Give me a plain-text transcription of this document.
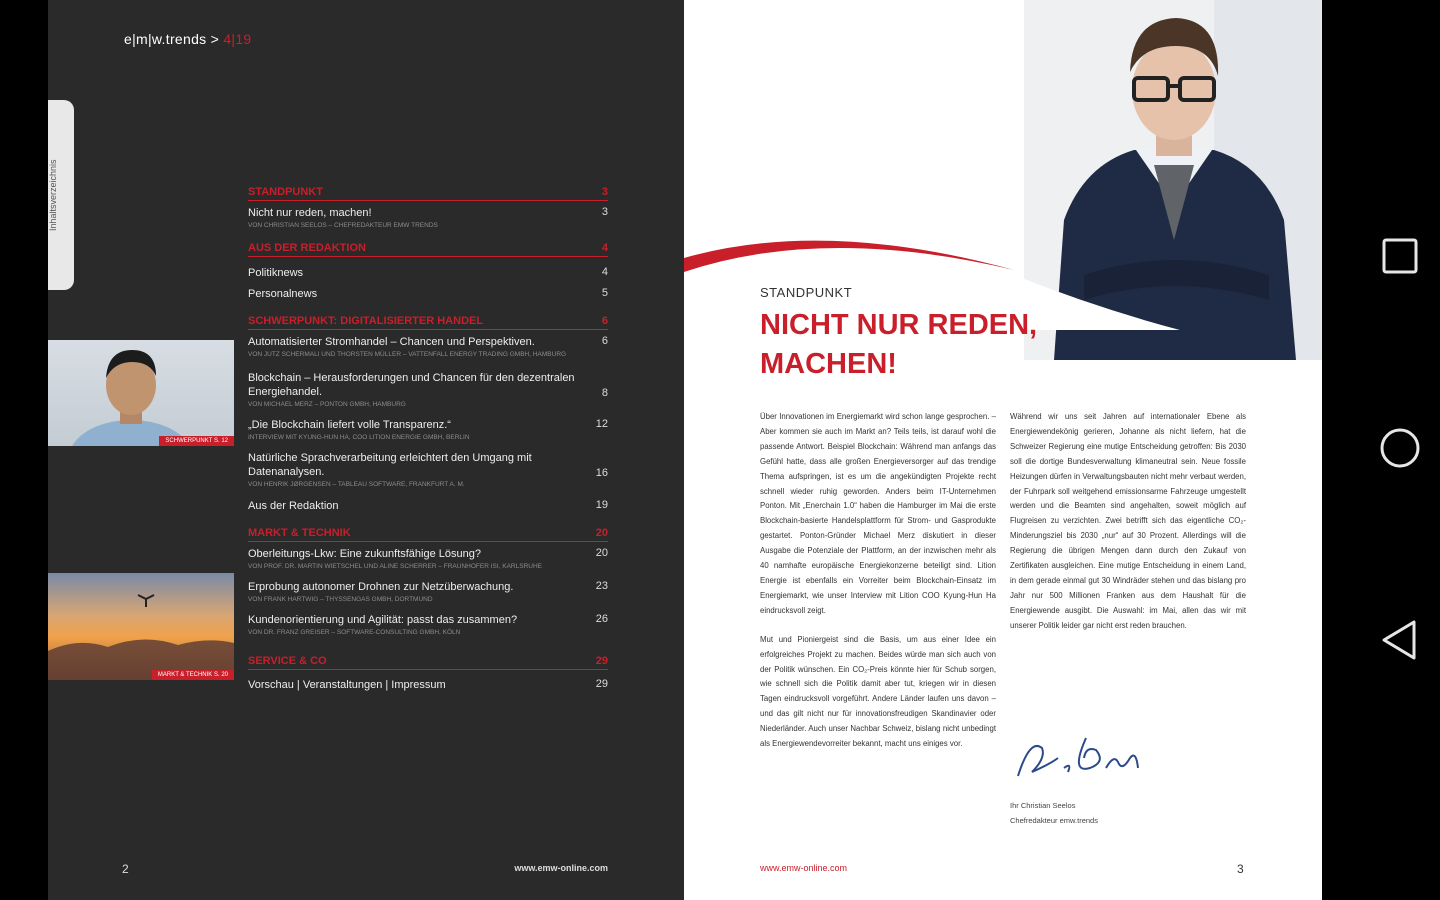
e|m|w.trends > 4|19
Inhaltsverzeichnis
SCHWERPUNKT S. 12
MARKT & TECHNIK S. 20
STANDPUNKT	3
Nicht nur reden, machen!	3
VON CHRISTIAN SEELOS – CHEFREDAKTEUR EMW TRENDS
AUS DER REDAKTION	4
Politiknews	4
Personalnews	5
SCHWERPUNKT: DIGITALISIERTER HANDEL	6
Automatisierter Stromhandel – Chancen und Perspektiven.	6
VON JUTZ SCHERMALI UND THORSTEN MÜLLER – VATTENFALL ENERGY TRADING GMBH, HAMBURG
Blockchain – Herausforderungen und Chancen für den dezentralen Energiehandel.	8
VON MICHAEL MERZ – PONTON GMBH, HAMBURG
„Die Blockchain liefert volle Transparenz.“	12
INTERVIEW MIT KYUNG-HUN HA, COO LITION ENERGIE GMBH, BERLIN
Natürliche Sprachverarbeitung erleichtert den Umgang mit Datenanalysen.	16
VON HENRIK JØRGENSEN – TABLEAU SOFTWARE, FRANKFURT A. M.
Aus der Redaktion	19
MARKT & TECHNIK	20
Oberleitungs-Lkw: Eine zukunftsfähige Lösung?	20
VON PROF. DR. MARTIN WIETSCHEL UND ALINE SCHERRER – FRAUNHOFER ISI, KARLSRUHE
Erprobung autonomer Drohnen zur Netzüberwachung.	23
VON FRANK HARTWIG – THYSSENGAS GMBH, DORTMUND
Kundenorientierung und Agilität: passt das zusammen?	26
VON DR. FRANZ GREISER – SOFTWARE-CONSULTING GMBH, KÖLN
SERVICE & CO	29
Vorschau | Veranstaltungen | Impressum	29
2	www.emw-online.com
STANDPUNKT
NICHT NUR REDEN, MACHEN!

Über Innovationen im Energiemarkt wird schon lange gesprochen. – Aber kommen sie auch im Markt an? Teils teils, ist darauf wohl die passende Antwort. Beispiel Blockchain: Während man anfangs das Gefühl hatte, dass alle großen Energieversorger auf das trendige Thema aufspringen, ist es um die angekündigten Projekte recht schnell wieder ruhig geworden. Anders beim IT-Unternehmen Ponton. Mit „Enerchain 1.0“ haben die Hamburger im Mai die erste Blockchain-basierte Handelsplattform für Strom- und Gasprodukte gestartet. Ponton-Gründer Michael Merz diskutiert in dieser Ausgabe die Potenziale der Plattform, an der inzwischen mehr als 40 namhafte europäische Energiekonzerne beteiligt sind. Lition Energie ist ebenfalls ein Vorreiter beim Blockchain-Einsatz im Energiemarkt, wie unser Interview mit Lition COO Kyung-Hun Ha eindrucksvoll zeigt.

Mut und Pioniergeist sind die Basis, um aus einer Idee ein erfolgreiches Projekt zu machen. Beides würde man sich auch von der Politik wünschen. Ein CO₂-Preis könnte hier für Schub sorgen, wie schnell sich die Politik damit aber tut, kriegen wir in diesen Tagen eindrucksvoll vorgeführt. Andere Länder laufen uns davon – und das gilt nicht nur für innovationsfreudigen Skandinavier oder Niederländer. Auch unser Nachbar Schweiz, bislang nicht unbedingt als Energiewendevorreiter bekannt, macht uns einiges vor.

Während wir uns seit Jahren auf internationaler Ebene als Energiewendekönig gerieren, Johanne als nicht liefern, hat die Schweizer Regierung eine mutige Entscheidung getroffen: Bis 2030 soll die dortige Bundesverwaltung klimaneutral sein. Neue fossile Heizungen dürfen in Verwaltungsbauten nicht mehr verbaut werden, der Fuhrpark soll weitgehend emissionsarme Fahrzeuge umgestellt werden und die Beamten sind angehalten, soweit möglich auf Flugreisen zu verzichten. Zwei betrifft sich das eigentliche CO₂-Minderungsziel bis 2030 „nur“ auf 30 Prozent. Allerdings will die Regierung die übrigen Mengen dann durch den Zukauf von Zertifikaten ausgleichen. Eine mutige Entscheidung in einem Land, in dem gerade einmal gut 30 Windräder stehen und das bislang pro Jahr nur 500 Millionen Franken aus dem Haushalt für die Energiewende ausgibt. Die Auswahl: im Mai, allen das wir mit unserer Politik leider gar nicht erst reden brauchen.

Ihr Christian Seelos
Chefredakteur emw.trends
www.emw-online.com	3
